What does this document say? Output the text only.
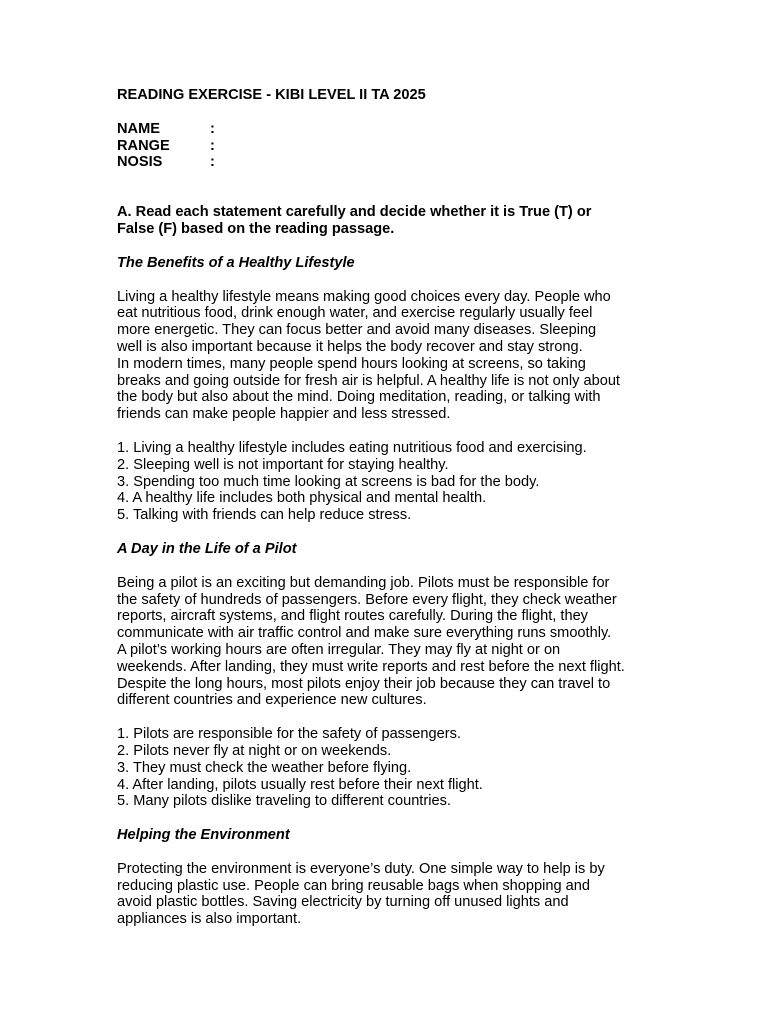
READING EXERCISE - KIBI LEVEL II TA 2025
NAME	:
RANGE	:
NOSIS	:
A. Read each statement carefully and decide whether it is True (T) or
False (F) based on the reading passage.
The Benefits of a Healthy Lifestyle
Living a healthy lifestyle means making good choices every day. People who
eat nutritious food, drink enough water, and exercise regularly usually feel
more energetic. They can focus better and avoid many diseases. Sleeping
well is also important because it helps the body recover and stay strong.
In modern times, many people spend hours looking at screens, so taking
breaks and going outside for fresh air is helpful. A healthy life is not only about
the body but also about the mind. Doing meditation, reading, or talking with
friends can make people happier and less stressed.
1. Living a healthy lifestyle includes eating nutritious food and exercising.
2. Sleeping well is not important for staying healthy.
3. Spending too much time looking at screens is bad for the body.
4. A healthy life includes both physical and mental health.
5. Talking with friends can help reduce stress.
A Day in the Life of a Pilot
Being a pilot is an exciting but demanding job. Pilots must be responsible for
the safety of hundreds of passengers. Before every flight, they check weather
reports, aircraft systems, and flight routes carefully. During the flight, they
communicate with air traffic control and make sure everything runs smoothly.
A pilot’s working hours are often irregular. They may fly at night or on
weekends. After landing, they must write reports and rest before the next flight.
Despite the long hours, most pilots enjoy their job because they can travel to
different countries and experience new cultures.
1. Pilots are responsible for the safety of passengers.
2. Pilots never fly at night or on weekends.
3. They must check the weather before flying.
4. After landing, pilots usually rest before their next flight.
5. Many pilots dislike traveling to different countries.
Helping the Environment
Protecting the environment is everyone’s duty. One simple way to help is by
reducing plastic use. People can bring reusable bags when shopping and
avoid plastic bottles. Saving electricity by turning off unused lights and
appliances is also important.
